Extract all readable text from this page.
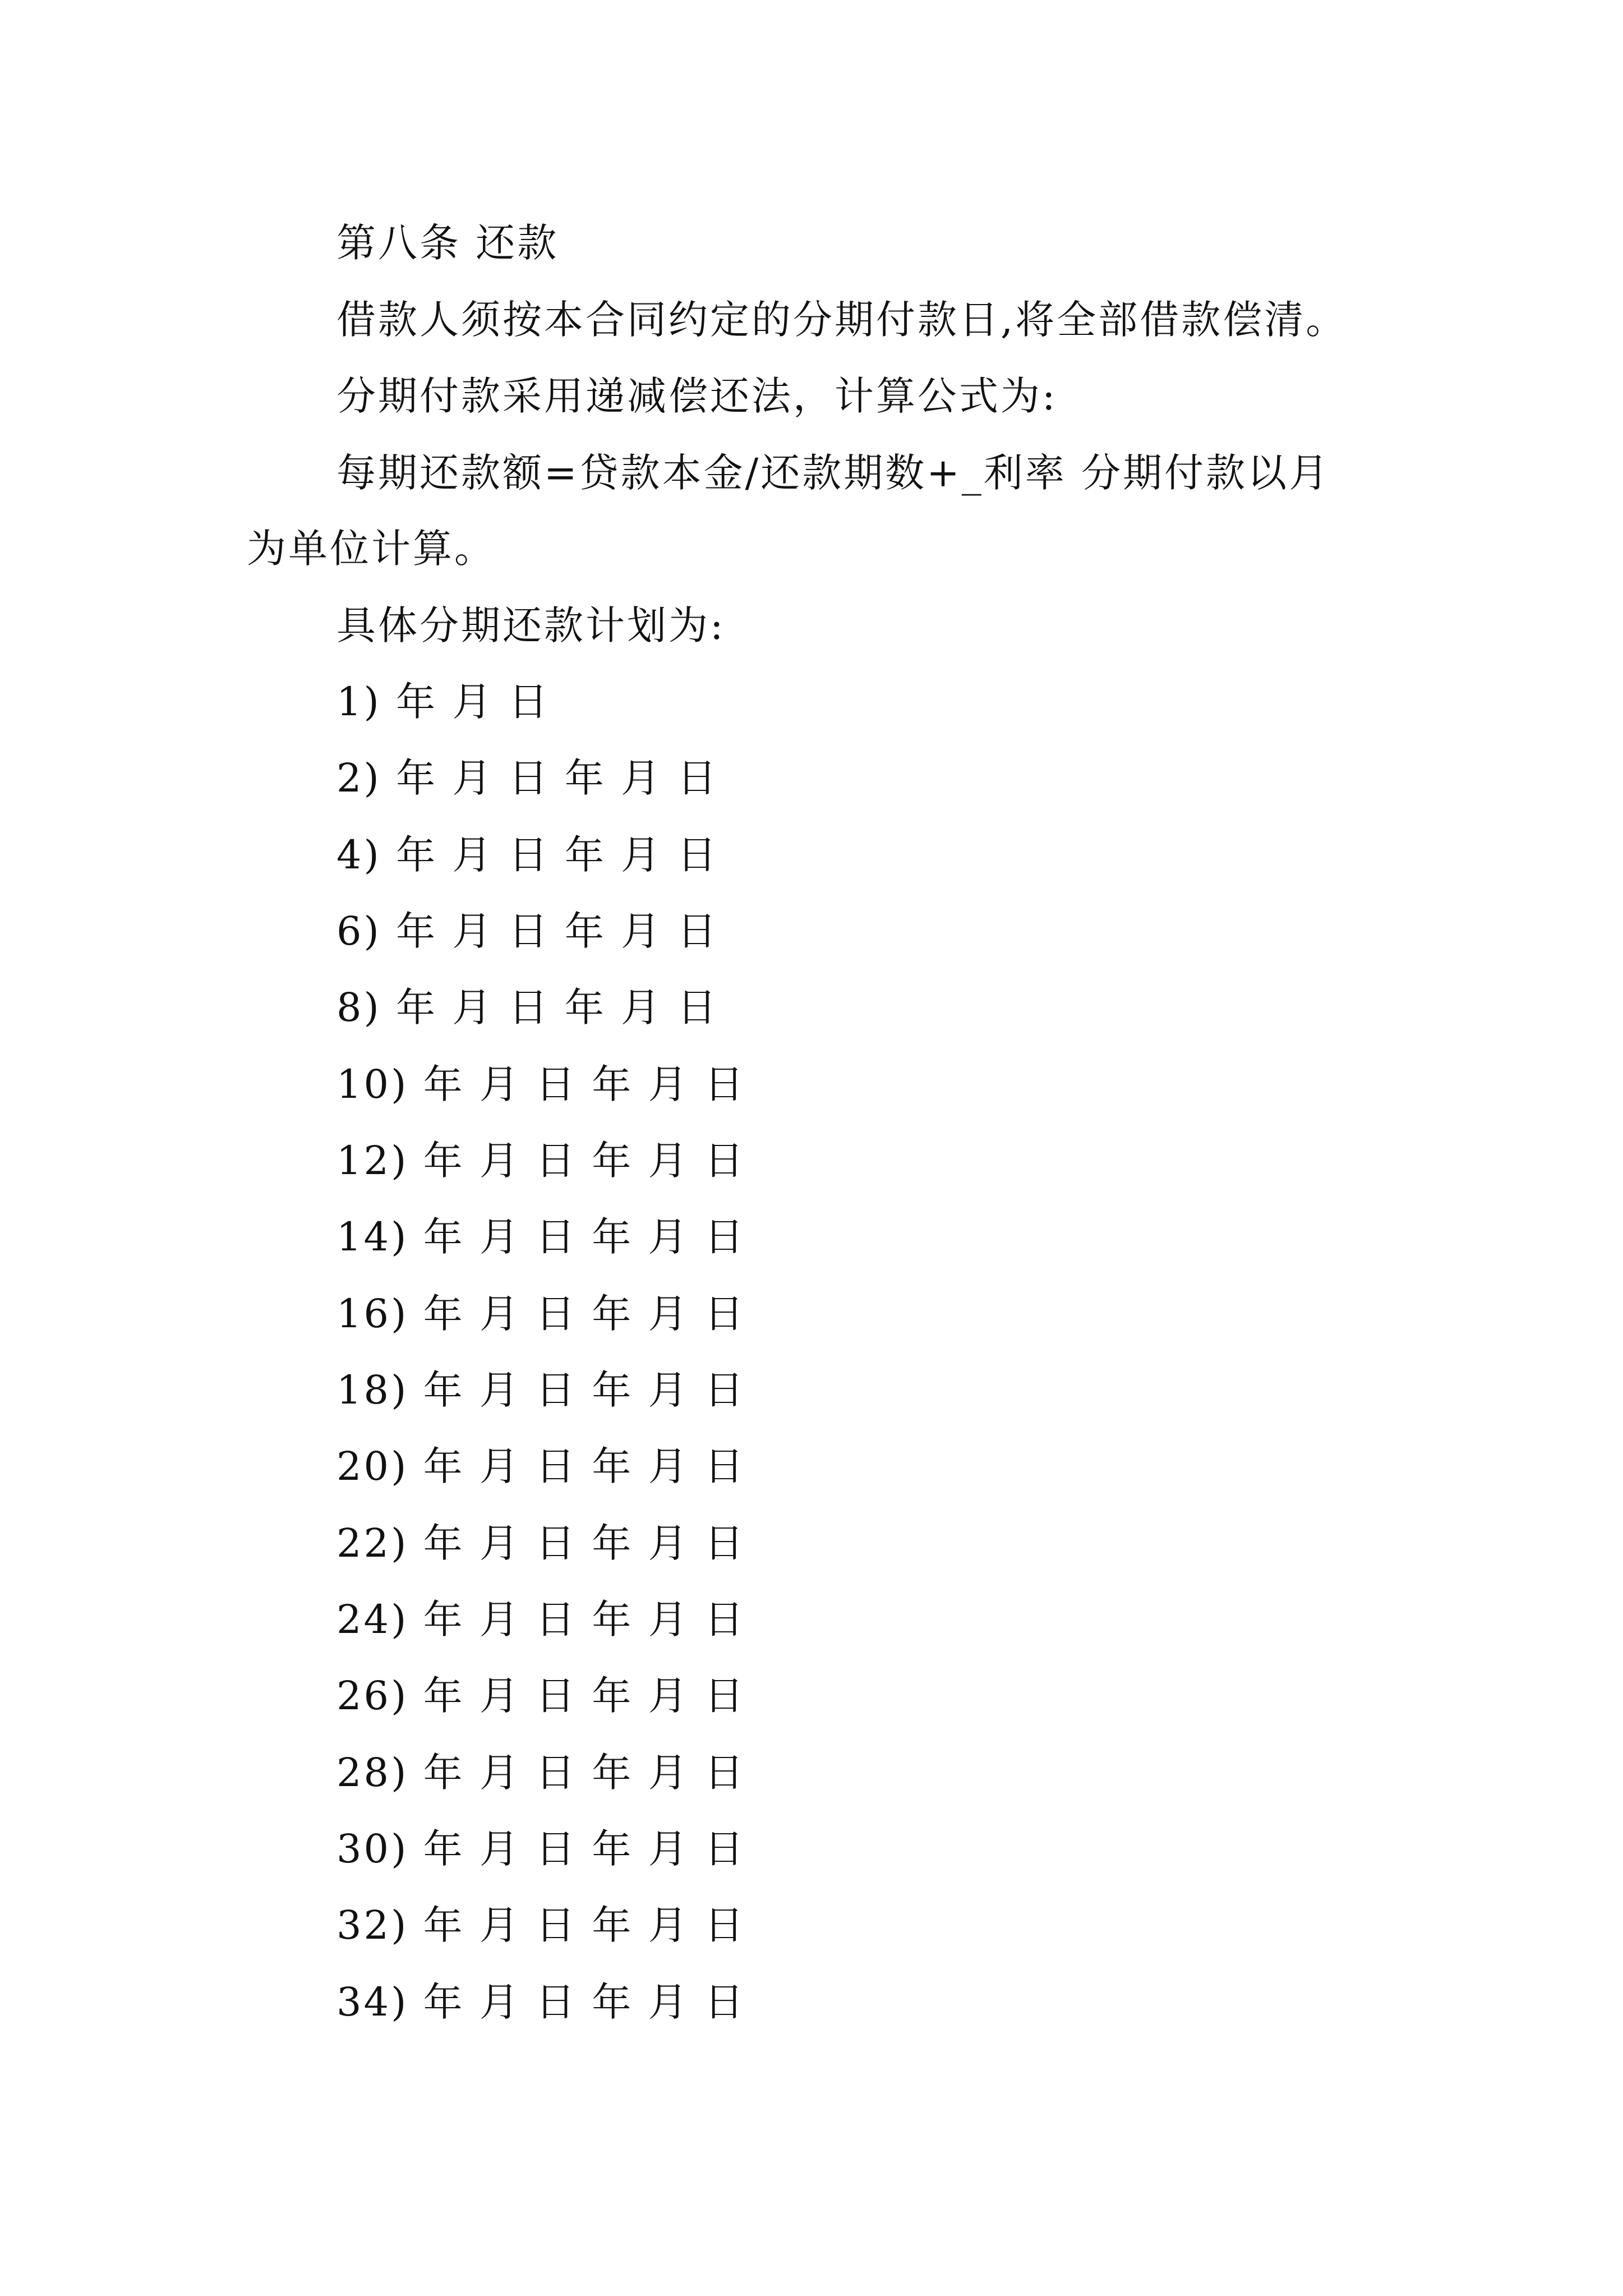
第八条 还款
借款人须按本合同约定的分期付款日,将全部借款偿清。
分期付款采用递减偿还法，计算公式为:
每期还款额=贷款本金/还款期数+_利率 分期付款以月
为单位计算。
具体分期还款计划为:
1) 年 月 日
2) 年 月 日 年 月 日
4) 年 月 日 年 月 日
6) 年 月 日 年 月 日
8) 年 月 日 年 月 日
10) 年 月 日 年 月 日
12) 年 月 日 年 月 日
14) 年 月 日 年 月 日
16) 年 月 日 年 月 日
18) 年 月 日 年 月 日
20) 年 月 日 年 月 日
22) 年 月 日 年 月 日
24) 年 月 日 年 月 日
26) 年 月 日 年 月 日
28) 年 月 日 年 月 日
30) 年 月 日 年 月 日
32) 年 月 日 年 月 日
34) 年 月 日 年 月 日
